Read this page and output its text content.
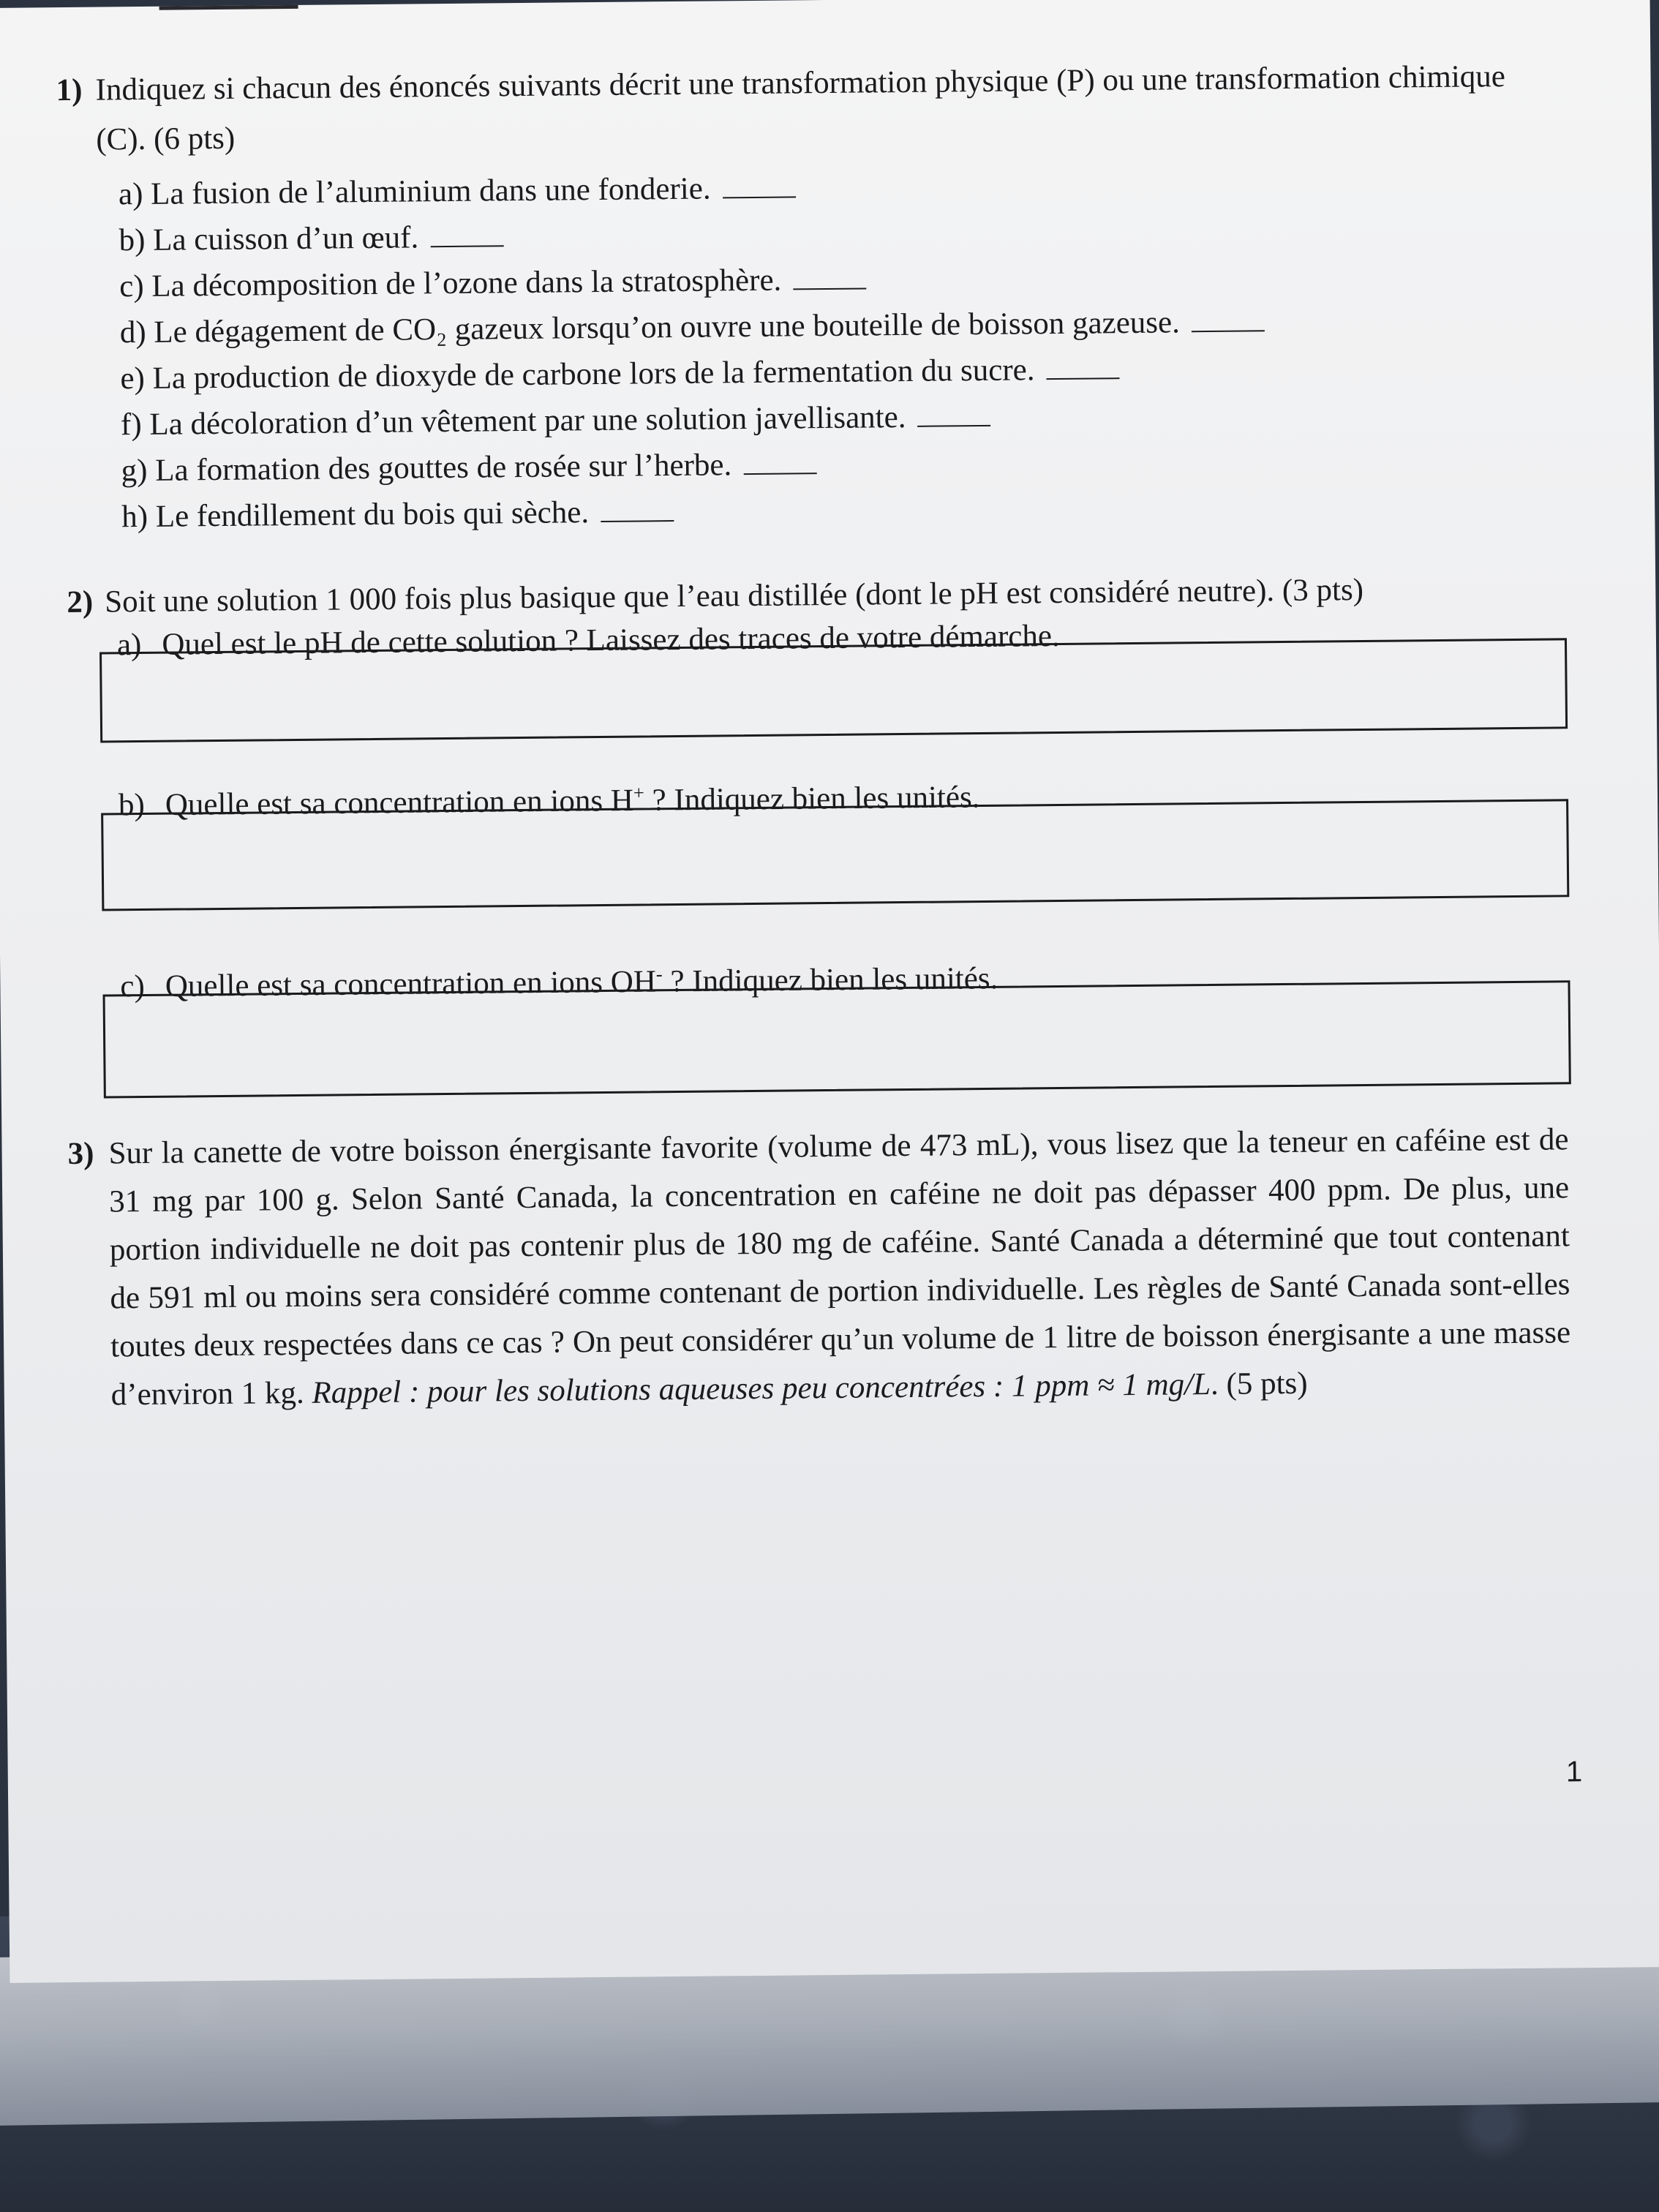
1) Indiquez si chacun des énoncés suivants décrit une transformation physique (P) ou une transformation chimique (C). (6 pts)
a) La fusion de l’aluminium dans une fonderie.
b) La cuisson d’un œuf.
c) La décomposition de l’ozone dans la stratosphère.
d) Le dégagement de CO₂ gazeux lorsqu’on ouvre une bouteille de boisson gazeuse.
e) La production de dioxyde de carbone lors de la fermentation du sucre.
f) La décoloration d’un vêtement par une solution javellisante.
g) La formation des gouttes de rosée sur l’herbe.
h) Le fendillement du bois qui sèche.
2) Soit une solution 1 000 fois plus basique que l’eau distillée (dont le pH est considéré neutre). (3 pts)
a) Quel est le pH de cette solution ? Laissez des traces de votre démarche.
b) Quelle est sa concentration en ions H+ ? Indiquez bien les unités.
c) Quelle est sa concentration en ions OH- ? Indiquez bien les unités.
3) Sur la canette de votre boisson énergisante favorite (volume de 473 mL), vous lisez que la teneur en caféine est de 31 mg par 100 g. Selon Santé Canada, la concentration en caféine ne doit pas dépasser 400 ppm. De plus, une portion individuelle ne doit pas contenir plus de 180 mg de caféine. Santé Canada a déterminé que tout contenant de 591 ml ou moins sera considéré comme contenant de portion individuelle. Les règles de Santé Canada sont-elles toutes deux respectées dans ce cas ? On peut considérer qu’un volume de 1 litre de boisson énergisante a une masse d’environ 1 kg. Rappel : pour les solutions aqueuses peu concentrées : 1 ppm ≈ 1 mg/L. (5 pts)
1
